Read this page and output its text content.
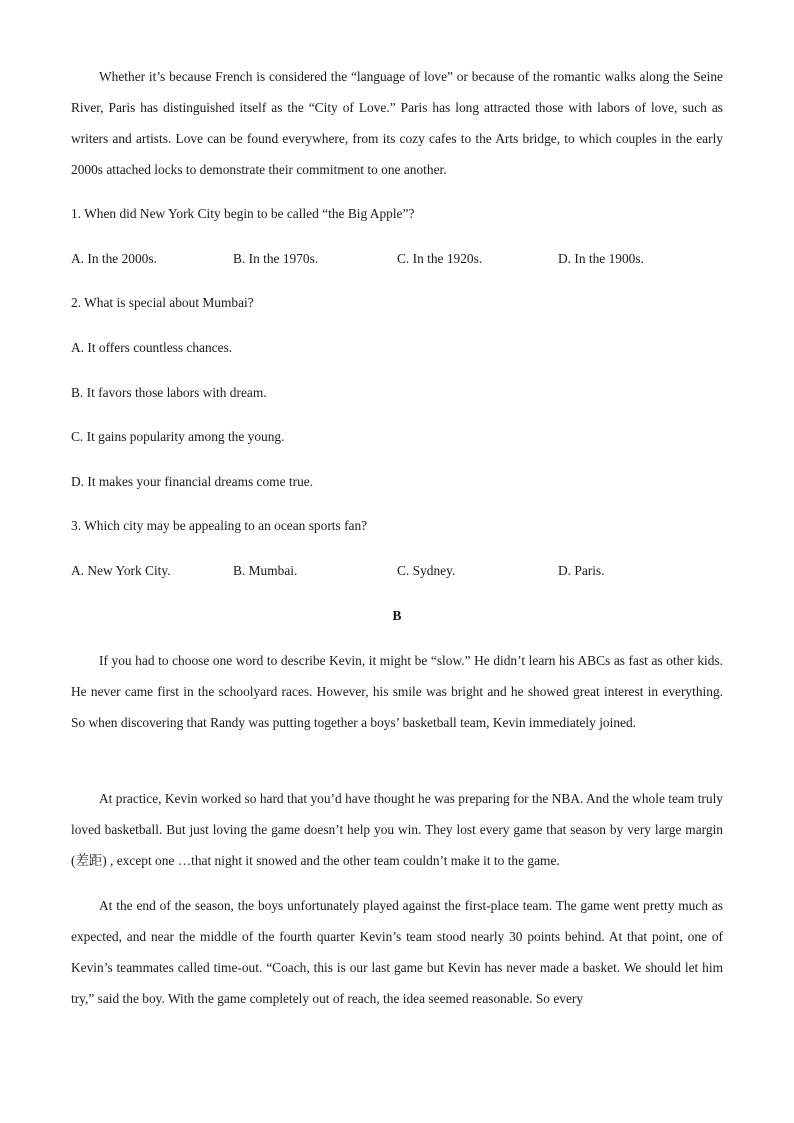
Whether it’s because French is considered the “language of love” or because of the romantic walks along the Seine River, Paris has distinguished itself as the “City of Love.” Paris has long attracted those with labors of love, such as writers and artists. Love can be found everywhere, from its cozy cafes to the Arts bridge, to which couples in the early 2000s attached locks to demonstrate their commitment to one another.

1. When did New York City begin to be called “the Big Apple”?

A. In the 2000s.	B. In the 1970s.	C. In the 1920s.	D. In the 1900s.

2. What is special about Mumbai?

A. It offers countless chances.

B. It favors those labors with dream.

C. It gains popularity among the young.

D. It makes your financial dreams come true.

3. Which city may be appealing to an ocean sports fan?

A. New York City.	B. Mumbai.	C. Sydney.	D. Paris.
B

If you had to choose one word to describe Kevin, it might be “slow.” He didn’t learn his ABCs as fast as other kids. He never came first in the schoolyard races. However, his smile was bright and he showed great interest in everything. So when discovering that Randy was putting together a boys’ basketball team, Kevin immediately joined.

At practice, Kevin worked so hard that you’d have thought he was preparing for the NBA. And the whole team truly loved basketball. But just loving the game doesn’t help you win. They lost every game that season by very large margin (差距) , except one …that night it snowed and the other team couldn’t make it to the game.

At the end of the season, the boys unfortunately played against the first-place team. The game went pretty much as expected, and near the middle of the fourth quarter Kevin’s team stood nearly 30 points behind. At that point, one of Kevin’s teammates called time-out. “Coach, this is our last game but Kevin has never made a basket. We should let him try,” said the boy. With the game completely out of reach, the idea seemed reasonable. So every
